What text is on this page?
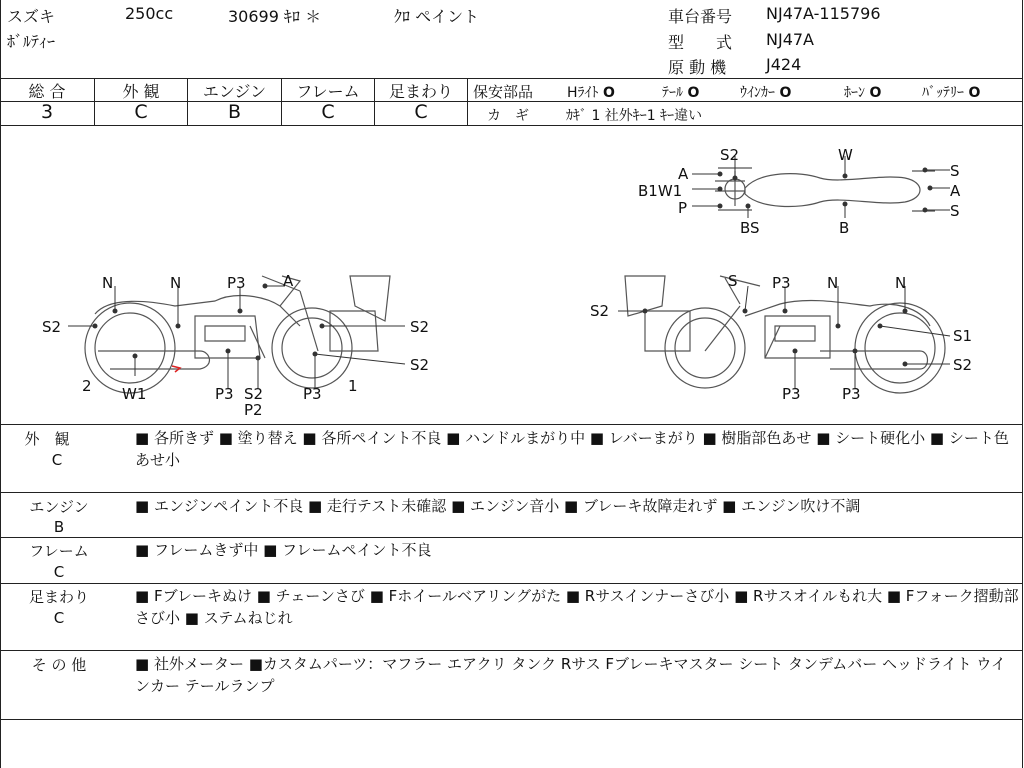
スズキ	250cc	30699 ｷﾛ ＊	ｸﾛ ペイント
ﾎﾞﾙﾃｨｰ
車台番号 NJ47A-115796
型　　式 NJ47A
原 動 機 J424
総 合	外 観	エンジン	フレーム	足まわり
3	C	B	C	C
保安部品 Hﾗｲﾄ O	ﾃｰﾙ O	ｳｲﾝｶｰ O	ﾎｰﾝ O	ﾊﾞｯﾃﾘｰ O
カ　ギ	ｶｷﾞ 1 社外ｷｰ1 ｷｰ違い
A
S2	W
S
B1W1	A
P	S
BS	B
N	N	P3 A
S2	S2
S2
2 W1	P3 S2
P2
P3 1
S P3 N	N
S2
S1
S2
P3	P3
外　観
C
■ 各所きず ■ 塗り替え ■ 各所ペイント不良 ■ ハンドルまがり中 ■ レバーまがり ■ 樹脂部色あせ ■ シート硬化小 ■ シート色あせ小
エンジン
B
■ エンジンペイント不良 ■ 走行テスト未確認 ■ エンジン音小 ■ ブレーキ故障走れず ■ エンジン吹け不調
フレーム
C
■ フレームきず中 ■ フレームペイント不良
足まわり
C
■ Fブレーキぬけ ■ チェーンさび ■ Fホイールベアリングがた ■ Rサスインナーさび小 ■ Rサスオイルもれ大 ■ Fフォーク摺動部さび小 ■ ステムねじれ
そ の 他	■ 社外メーター ■カスタムパーツ：マフラー エアクリ タンク Rサス Fブレーキマスター シート タンデムバー ヘッドライト ウインカー テールランプ
